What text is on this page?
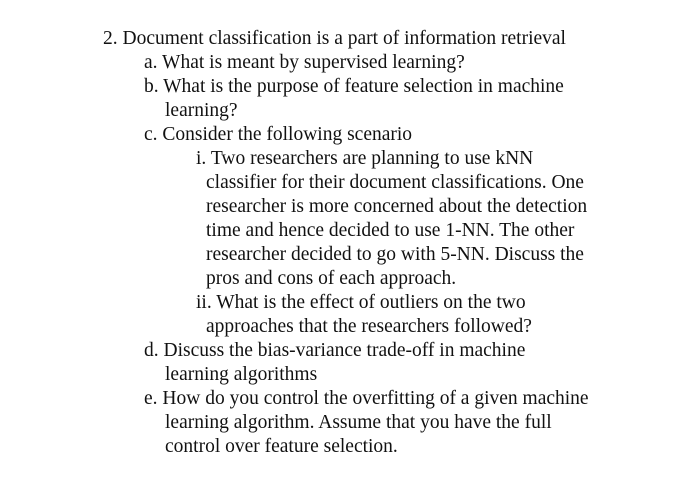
2. Document classification is a part of information retrieval
a. What is meant by supervised learning?
b. What is the purpose of feature selection in machine
learning?
c. Consider the following scenario
i. Two researchers are planning to use kNN
classifier for their document classifications. One
researcher is more concerned about the detection
time and hence decided to use 1-NN. The other
researcher decided to go with 5-NN. Discuss the
pros and cons of each approach.
ii. What is the effect of outliers on the two
approaches that the researchers followed?
d. Discuss the bias-variance trade-off in machine
learning algorithms
e. How do you control the overfitting of a given machine
learning algorithm. Assume that you have the full
control over feature selection.
